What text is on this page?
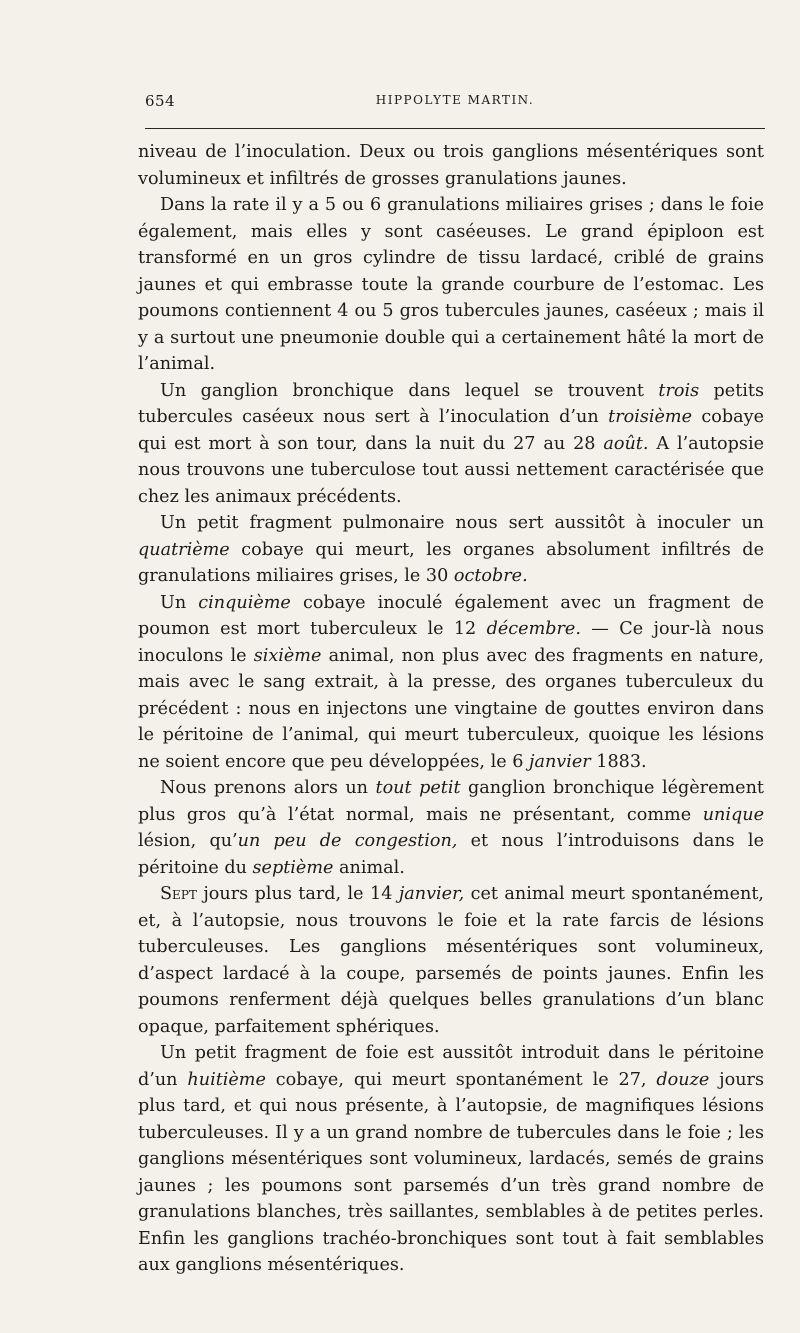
654	HIPPOLYTE MARTIN.

niveau de l’inoculation. Deux ou trois ganglions mésentériques sont volumineux et infiltrés de grosses granulations jaunes.

Dans la rate il y a 5 ou 6 granulations miliaires grises ; dans le foie également, mais elles y sont caséeuses. Le grand épiploon est transformé en un gros cylindre de tissu lardacé, criblé de grains jaunes et qui embrasse toute la grande courbure de l’estomac. Les poumons contiennent 4 ou 5 gros tubercules jaunes, caséeux ; mais il y a surtout une pneumonie double qui a certainement hâté la mort de l’animal.

Un ganglion bronchique dans lequel se trouvent trois petits tubercules caséeux nous sert à l’inoculation d’un troisième cobaye qui est mort à son tour, dans la nuit du 27 au 28 août. A l’autopsie nous trouvons une tuberculose tout aussi nettement caractérisée que chez les animaux précédents.

Un petit fragment pulmonaire nous sert aussitôt à inoculer un quatrième cobaye qui meurt, les organes absolument infiltrés de granulations miliaires grises, le 30 octobre.

Un cinquième cobaye inoculé également avec un fragment de poumon est mort tuberculeux le 12 décembre. — Ce jour-là nous inoculons le sixième animal, non plus avec des fragments en nature, mais avec le sang extrait, à la presse, des organes tuberculeux du précédent : nous en injectons une vingtaine de gouttes environ dans le péritoine de l’animal, qui meurt tuberculeux, quoique les lésions ne soient encore que peu développées, le 6 janvier 1883.

Nous prenons alors un tout petit ganglion bronchique légèrement plus gros qu’à l’état normal, mais ne présentant, comme unique lésion, qu’un peu de congestion, et nous l’introduisons dans le péritoine du septième animal.

Sept jours plus tard, le 14 janvier, cet animal meurt spontanément, et, à l’autopsie, nous trouvons le foie et la rate farcis de lésions tuberculeuses. Les ganglions mésentériques sont volumineux, d’aspect lardacé à la coupe, parsemés de points jaunes. Enfin les poumons renferment déjà quelques belles granulations d’un blanc opaque, parfaitement sphériques.

Un petit fragment de foie est aussitôt introduit dans le péritoine d’un huitième cobaye, qui meurt spontanément le 27, douze jours plus tard, et qui nous présente, à l’autopsie, de magnifiques lésions tuberculeuses. Il y a un grand nombre de tubercules dans le foie ; les ganglions mésentériques sont volumineux, lardacés, semés de grains jaunes ; les poumons sont parsemés d’un très grand nombre de granulations blanches, très saillantes, semblables à de petites perles. Enfin les ganglions trachéo-bronchiques sont tout à fait semblables aux ganglions mésentériques.
